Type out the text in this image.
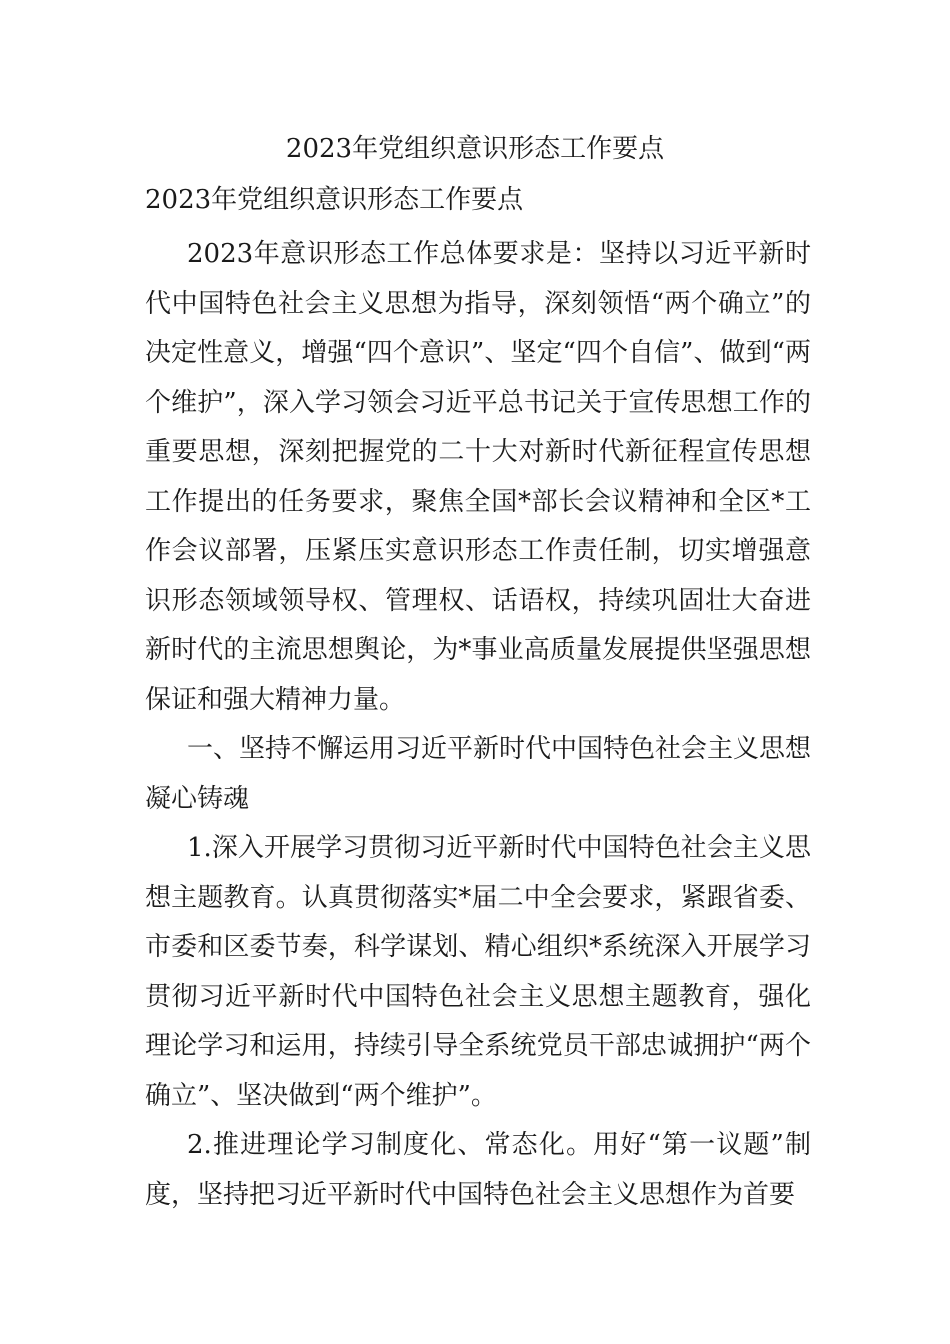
2023年党组织意识形态工作要点
2023年党组织意识形态工作要点

2023年意识形态工作总体要求是：坚持以习近平新时代中国特色社会主义思想为指导，深刻领悟“两个确立”的决定性意义，增强“四个意识”、坚定“四个自信”、做到“两个维护”，深入学习领会习近平总书记关于宣传思想工作的重要思想，深刻把握党的二十大对新时代新征程宣传思想工作提出的任务要求，聚焦全国*部长会议精神和全区*工作会议部署，压紧压实意识形态工作责任制，切实增强意识形态领域领导权、管理权、话语权，持续巩固壮大奋进新时代的主流思想舆论，为*事业高质量发展提供坚强思想保证和强大精神力量。

一、坚持不懈运用习近平新时代中国特色社会主义思想凝心铸魂

1.深入开展学习贯彻习近平新时代中国特色社会主义思想主题教育。认真贯彻落实*届二中全会要求，紧跟省委、市委和区委节奏，科学谋划、精心组织*系统深入开展学习贯彻习近平新时代中国特色社会主义思想主题教育，强化理论学习和运用，持续引导全系统党员干部忠诚拥护“两个确立”、坚决做到“两个维护”。

2.推进理论学习制度化、常态化。用好“第一议题”制度，坚持把习近平新时代中国特色社会主义思想作为首要
